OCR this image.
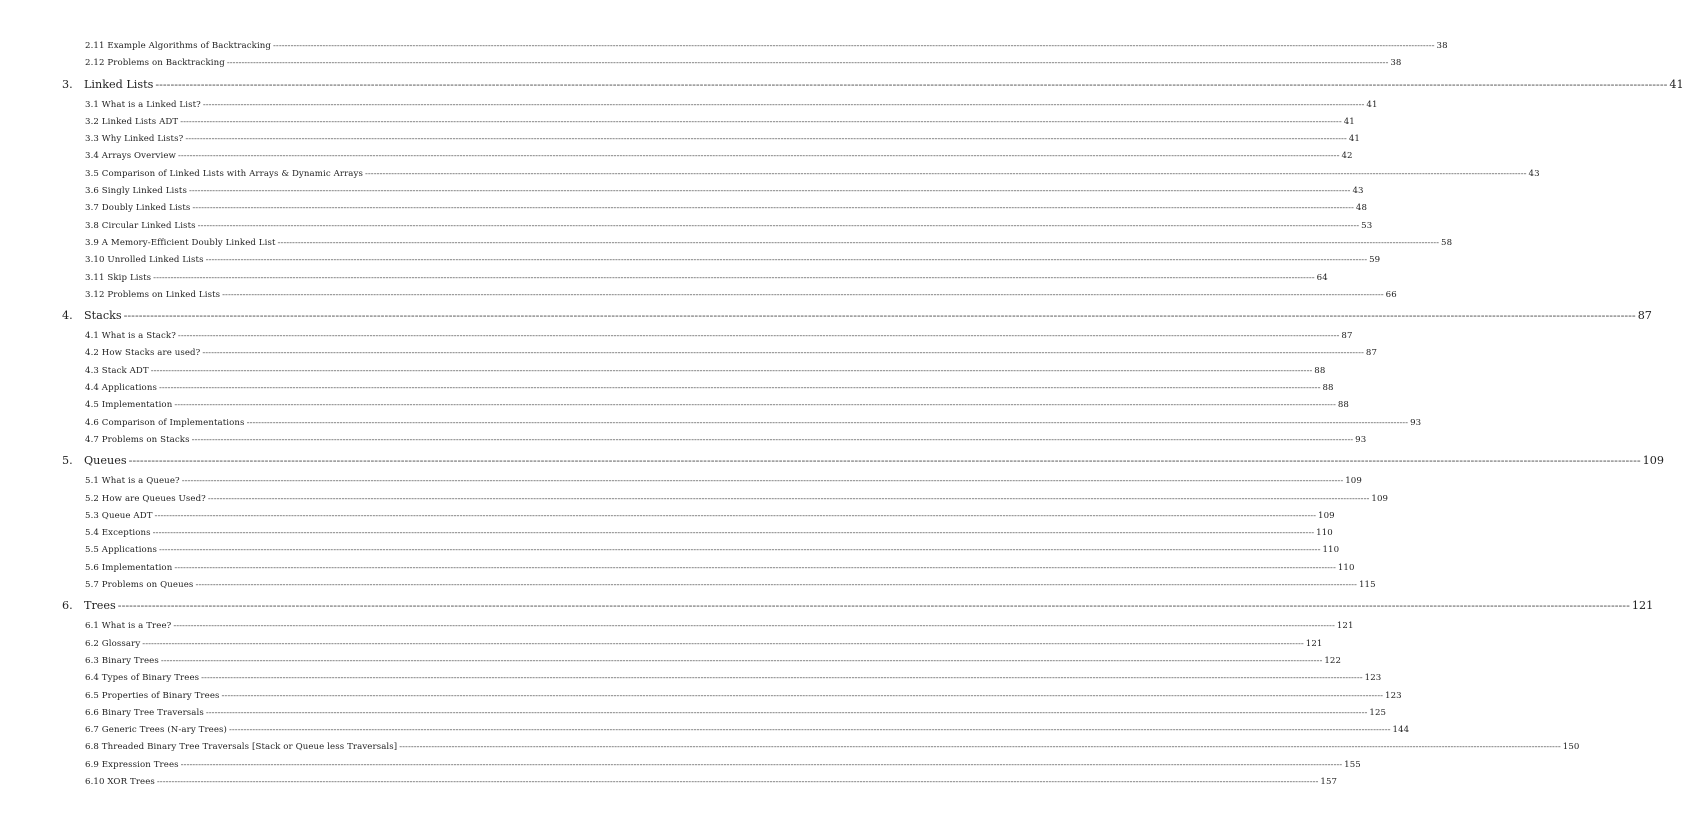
2.11 Example Algorithms of Backtracking ---------------------------------------------------------------------------------------------------------------------------------------------------------------------------------------------------------------------------------------------------------------------------------------------------------------------------------------------------------------------------------------------------------------- 38
2.12 Problems on Backtracking ---------------------------------------------------------------------------------------------------------------------------------------------------------------------------------------------------------------------------------------------------------------------------------------------------------------------------------------------------------------------------------------------------------------- 38
3.	Linked Lists ---------------------------------------------------------------------------------------------------------------------------------------------------------------------------------------------------------------------------------------------------------------------------------------------------------------------------------------------------------------------------------------------------------------- 41
3.1 What is a Linked List? ---------------------------------------------------------------------------------------------------------------------------------------------------------------------------------------------------------------------------------------------------------------------------------------------------------------------------------------------------------------------------------------------------------------- 41
3.2 Linked Lists ADT ---------------------------------------------------------------------------------------------------------------------------------------------------------------------------------------------------------------------------------------------------------------------------------------------------------------------------------------------------------------------------------------------------------------- 41
3.3 Why Linked Lists? ---------------------------------------------------------------------------------------------------------------------------------------------------------------------------------------------------------------------------------------------------------------------------------------------------------------------------------------------------------------------------------------------------------------- 41
3.4 Arrays Overview ---------------------------------------------------------------------------------------------------------------------------------------------------------------------------------------------------------------------------------------------------------------------------------------------------------------------------------------------------------------------------------------------------------------- 42
3.5 Comparison of Linked Lists with Arrays & Dynamic Arrays ---------------------------------------------------------------------------------------------------------------------------------------------------------------------------------------------------------------------------------------------------------------------------------------------------------------------------------------------------------------------------------------------------------------- 43
3.6 Singly Linked Lists ---------------------------------------------------------------------------------------------------------------------------------------------------------------------------------------------------------------------------------------------------------------------------------------------------------------------------------------------------------------------------------------------------------------- 43
3.7 Doubly Linked Lists ---------------------------------------------------------------------------------------------------------------------------------------------------------------------------------------------------------------------------------------------------------------------------------------------------------------------------------------------------------------------------------------------------------------- 48
3.8 Circular Linked Lists ---------------------------------------------------------------------------------------------------------------------------------------------------------------------------------------------------------------------------------------------------------------------------------------------------------------------------------------------------------------------------------------------------------------- 53
3.9 A Memory-Efficient Doubly Linked List ---------------------------------------------------------------------------------------------------------------------------------------------------------------------------------------------------------------------------------------------------------------------------------------------------------------------------------------------------------------------------------------------------------------- 58
3.10 Unrolled Linked Lists ---------------------------------------------------------------------------------------------------------------------------------------------------------------------------------------------------------------------------------------------------------------------------------------------------------------------------------------------------------------------------------------------------------------- 59
3.11 Skip Lists ---------------------------------------------------------------------------------------------------------------------------------------------------------------------------------------------------------------------------------------------------------------------------------------------------------------------------------------------------------------------------------------------------------------- 64
3.12 Problems on Linked Lists ---------------------------------------------------------------------------------------------------------------------------------------------------------------------------------------------------------------------------------------------------------------------------------------------------------------------------------------------------------------------------------------------------------------- 66
4.	Stacks ---------------------------------------------------------------------------------------------------------------------------------------------------------------------------------------------------------------------------------------------------------------------------------------------------------------------------------------------------------------------------------------------------------------- 87
4.1 What is a Stack? ---------------------------------------------------------------------------------------------------------------------------------------------------------------------------------------------------------------------------------------------------------------------------------------------------------------------------------------------------------------------------------------------------------------- 87
4.2 How Stacks are used? ---------------------------------------------------------------------------------------------------------------------------------------------------------------------------------------------------------------------------------------------------------------------------------------------------------------------------------------------------------------------------------------------------------------- 87
4.3 Stack ADT ---------------------------------------------------------------------------------------------------------------------------------------------------------------------------------------------------------------------------------------------------------------------------------------------------------------------------------------------------------------------------------------------------------------- 88
4.4 Applications ---------------------------------------------------------------------------------------------------------------------------------------------------------------------------------------------------------------------------------------------------------------------------------------------------------------------------------------------------------------------------------------------------------------- 88
4.5 Implementation ---------------------------------------------------------------------------------------------------------------------------------------------------------------------------------------------------------------------------------------------------------------------------------------------------------------------------------------------------------------------------------------------------------------- 88
4.6 Comparison of Implementations ---------------------------------------------------------------------------------------------------------------------------------------------------------------------------------------------------------------------------------------------------------------------------------------------------------------------------------------------------------------------------------------------------------------- 93
4.7 Problems on Stacks ---------------------------------------------------------------------------------------------------------------------------------------------------------------------------------------------------------------------------------------------------------------------------------------------------------------------------------------------------------------------------------------------------------------- 93
5.	Queues ---------------------------------------------------------------------------------------------------------------------------------------------------------------------------------------------------------------------------------------------------------------------------------------------------------------------------------------------------------------------------------------------------------------- 109
5.1 What is a Queue? ---------------------------------------------------------------------------------------------------------------------------------------------------------------------------------------------------------------------------------------------------------------------------------------------------------------------------------------------------------------------------------------------------------------- 109
5.2 How are Queues Used? ---------------------------------------------------------------------------------------------------------------------------------------------------------------------------------------------------------------------------------------------------------------------------------------------------------------------------------------------------------------------------------------------------------------- 109
5.3 Queue ADT ---------------------------------------------------------------------------------------------------------------------------------------------------------------------------------------------------------------------------------------------------------------------------------------------------------------------------------------------------------------------------------------------------------------- 109
5.4 Exceptions ---------------------------------------------------------------------------------------------------------------------------------------------------------------------------------------------------------------------------------------------------------------------------------------------------------------------------------------------------------------------------------------------------------------- 110
5.5 Applications ---------------------------------------------------------------------------------------------------------------------------------------------------------------------------------------------------------------------------------------------------------------------------------------------------------------------------------------------------------------------------------------------------------------- 110
5.6 Implementation ---------------------------------------------------------------------------------------------------------------------------------------------------------------------------------------------------------------------------------------------------------------------------------------------------------------------------------------------------------------------------------------------------------------- 110
5.7 Problems on Queues ---------------------------------------------------------------------------------------------------------------------------------------------------------------------------------------------------------------------------------------------------------------------------------------------------------------------------------------------------------------------------------------------------------------- 115
6.	Trees ---------------------------------------------------------------------------------------------------------------------------------------------------------------------------------------------------------------------------------------------------------------------------------------------------------------------------------------------------------------------------------------------------------------- 121
6.1 What is a Tree? ---------------------------------------------------------------------------------------------------------------------------------------------------------------------------------------------------------------------------------------------------------------------------------------------------------------------------------------------------------------------------------------------------------------- 121
6.2 Glossary ---------------------------------------------------------------------------------------------------------------------------------------------------------------------------------------------------------------------------------------------------------------------------------------------------------------------------------------------------------------------------------------------------------------- 121
6.3 Binary Trees ---------------------------------------------------------------------------------------------------------------------------------------------------------------------------------------------------------------------------------------------------------------------------------------------------------------------------------------------------------------------------------------------------------------- 122
6.4 Types of Binary Trees ---------------------------------------------------------------------------------------------------------------------------------------------------------------------------------------------------------------------------------------------------------------------------------------------------------------------------------------------------------------------------------------------------------------- 123
6.5 Properties of Binary Trees ---------------------------------------------------------------------------------------------------------------------------------------------------------------------------------------------------------------------------------------------------------------------------------------------------------------------------------------------------------------------------------------------------------------- 123
6.6 Binary Tree Traversals ---------------------------------------------------------------------------------------------------------------------------------------------------------------------------------------------------------------------------------------------------------------------------------------------------------------------------------------------------------------------------------------------------------------- 125
6.7 Generic Trees (N-ary Trees) ---------------------------------------------------------------------------------------------------------------------------------------------------------------------------------------------------------------------------------------------------------------------------------------------------------------------------------------------------------------------------------------------------------------- 144
6.8 Threaded Binary Tree Traversals [Stack or Queue less Traversals] ---------------------------------------------------------------------------------------------------------------------------------------------------------------------------------------------------------------------------------------------------------------------------------------------------------------------------------------------------------------------------------------------------------------- 150
6.9 Expression Trees ---------------------------------------------------------------------------------------------------------------------------------------------------------------------------------------------------------------------------------------------------------------------------------------------------------------------------------------------------------------------------------------------------------------- 155
6.10 XOR Trees ---------------------------------------------------------------------------------------------------------------------------------------------------------------------------------------------------------------------------------------------------------------------------------------------------------------------------------------------------------------------------------------------------------------- 157
